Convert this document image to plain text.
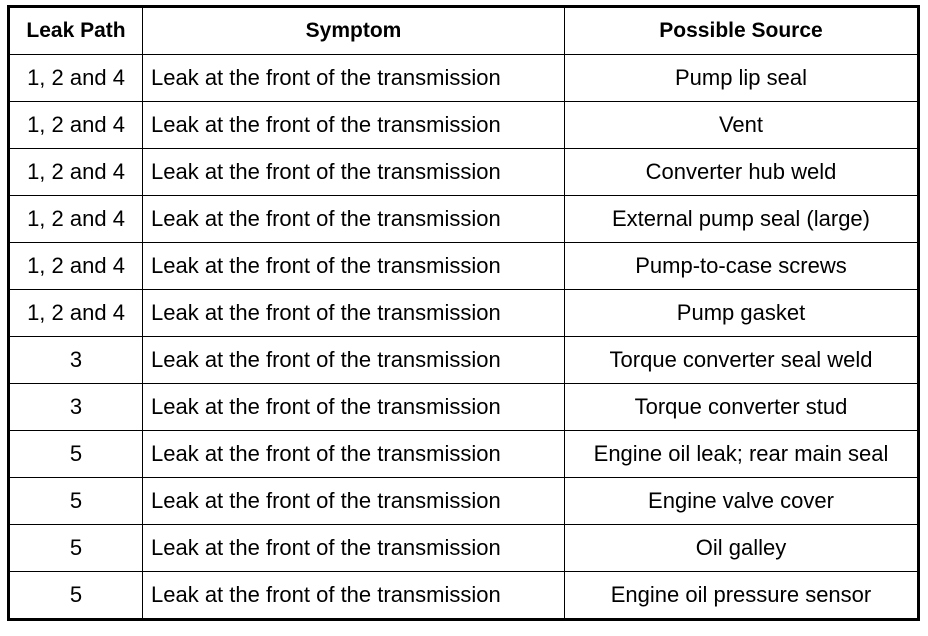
Leak Path	Symptom	Possible Source
1, 2 and 4	Leak at the front of the transmission	Pump lip seal
1, 2 and 4	Leak at the front of the transmission	Vent
1, 2 and 4	Leak at the front of the transmission	Converter hub weld
1, 2 and 4	Leak at the front of the transmission	External pump seal (large)
1, 2 and 4	Leak at the front of the transmission	Pump-to-case screws
1, 2 and 4	Leak at the front of the transmission	Pump gasket
3	Leak at the front of the transmission	Torque converter seal weld
3	Leak at the front of the transmission	Torque converter stud
5	Leak at the front of the transmission	Engine oil leak; rear main seal
5	Leak at the front of the transmission	Engine valve cover
5	Leak at the front of the transmission	Oil galley
5	Leak at the front of the transmission	Engine oil pressure sensor
